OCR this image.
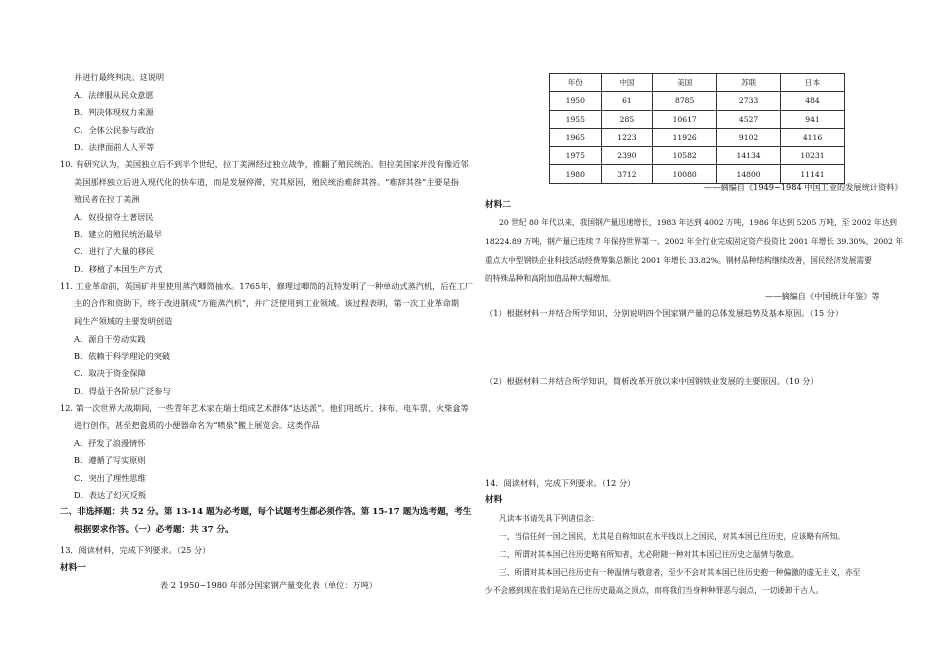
并进行最终判决。这说明
A．法律服从民众意愿
B．判决体现权力来源
C．全体公民参与政治
D．法律面前人人平等
10. 有研究认为，美国独立后不到半个世纪，拉丁美洲经过独立战争，推翻了殖民统治。但拉美国家并没有像近邻
美国那样独立后进入现代化的快车道，而是发展停滞，究其原因，殖民统治难辞其咎。“难辞其咎”主要是指
殖民者在拉丁美洲
A．奴役掠夺土著居民
B．建立的殖民统治最早
C．进行了大量的移民
D．移植了本国生产方式
11. 工业革命前，英国矿井里使用蒸汽唧筒抽水。1765年，修理过唧筒的瓦特发明了一种单动式蒸汽机，后在工厂
主的合作和资助下，终于改进制成“万能蒸汽机”，并广泛使用到工业领域。该过程表明，第一次工业革命期
间生产领域的主要发明创造
A．源自于劳动实践
B．依赖于科学理论的突破
C．取决于资金保障
D．得益于各阶层广泛参与
12. 第一次世界大战期间，一些青年艺术家在瑞士组成艺术群体“达达派”。他们用纸片、抹布、电车票、火柴盒等
进行创作，甚至把瓷质的小便器命名为“喷泉”搬上展览会。这类作品
A．抒发了浪漫情怀
B．遵循了写实原则
C．突出了理性思维
D．表达了幻灭反叛
二、非选择题：共 52 分。第 13-14 题为必考题，每个试题考生都必须作答。第 15-17 题为选考题，考生
根据要求作答。（一）必考题：共 37 分。
13．阅读材料，完成下列要求。（25 分）
材料一
表 2 1950~1980 年部分国家钢产量变化表（单位：万吨）
年份	中国	美国	苏联	日本
1950	61	8785	2733	484
1955	285	10617	4527	941
1965	1223	11926	9102	4116
1975	2390	10582	14134	10231
1980	3712	10080	14800	11141
——摘编自《1949~1984 中国工业的发展统计资料》
材料二
20 世纪 80 年代以来，我国钢产量迅速增长，1983 年达到 4002 万吨，1986 年达到 5205 万吨，至 2002 年达到
18224.89 万吨，钢产量已连续 7 年保持世界第一。2002 年全行业完成固定资产投资比 2001 年增长 39.30%，2002 年
重点大中型钢铁企业科技活动经费筹集总额比 2001 年增长 33.82%。钢材品种结构继续改善，国民经济发展需要
的特殊品种和高附加值品种大幅增加。
——摘编自《中国统计年鉴》等
（1）根据材料一并结合所学知识，分别说明四个国家钢产量的总体发展趋势及基本原因。（15 分）
（2）根据材料二并结合所学知识，简析改革开放以来中国钢铁业发展的主要原因。（10 分）
14．阅读材料，完成下列要求。（12 分）
材料
凡读本书请先具下列诸信念：
一、当信任何一国之国民，尤其是自称知识在水平线以上之国民，对其本国已往历史，应该略有所知。
二、所谓对其本国已往历史略有所知者，尤必附随一种对其本国已往历史之温情与敬意。
三、所谓对其本国已往历史有一种温情与敬意者，至少不会对其本国已往历史抱一种偏激的虚无主义，亦至
少不会感到现在我们是站在已往历史最高之顶点，而将我们当身种种罪恶与弱点，一切诿卸于古人。
